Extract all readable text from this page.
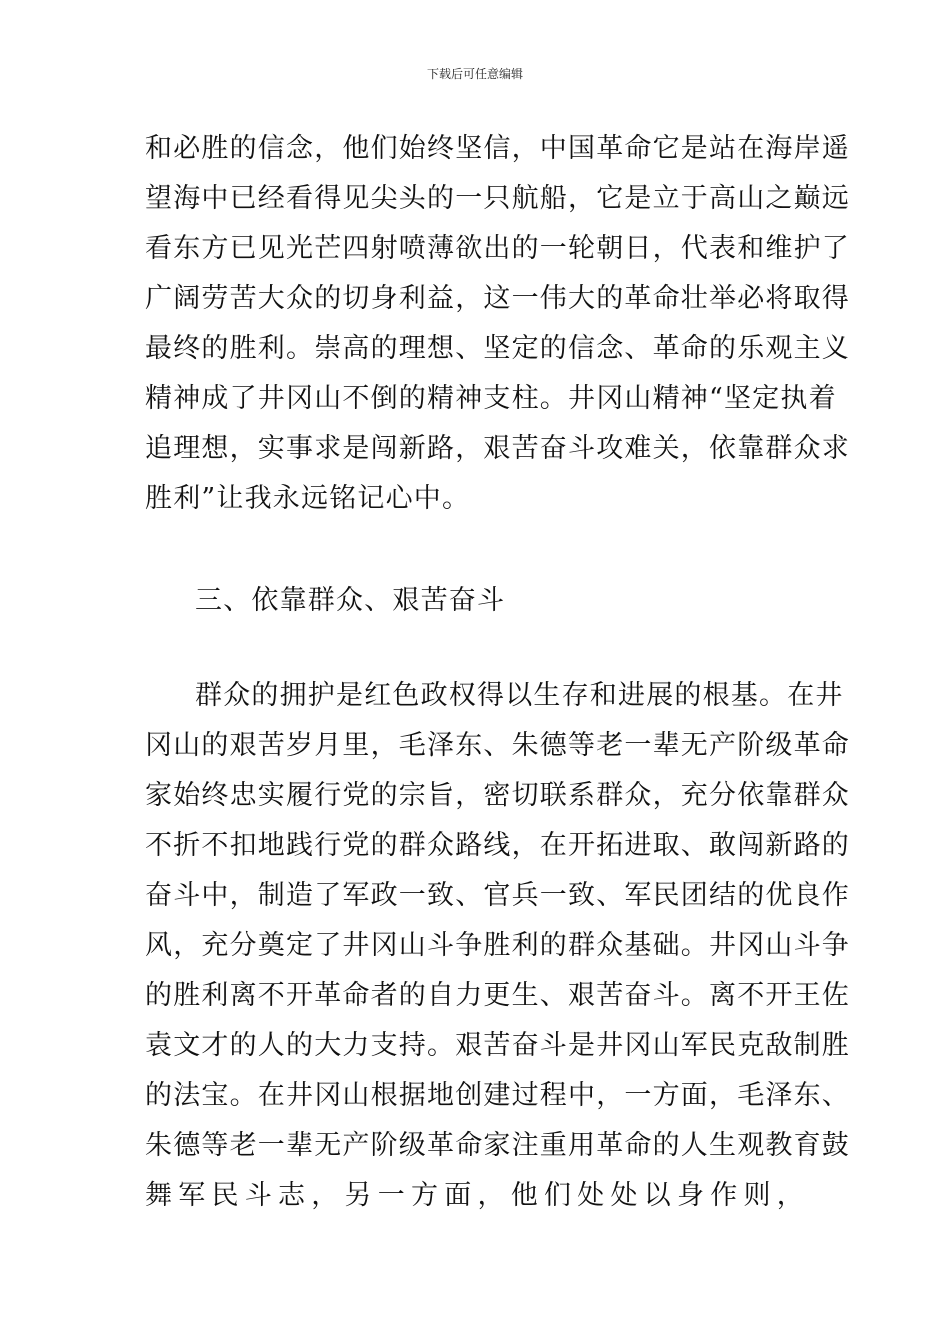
下载后可任意编辑
和必胜的信念，他们始终坚信，中国革命它是站在海岸遥
望海中已经看得见尖头的一只航船，它是立于高山之巅远
看东方已见光芒四射喷薄欲出的一轮朝日，代表和维护了
广阔劳苦大众的切身利益，这一伟大的革命壮举必将取得
最终的胜利。崇高的理想、坚定的信念、革命的乐观主义
精神成了井冈山不倒的精神支柱。井冈山精神“坚定执着
追理想，实事求是闯新路，艰苦奋斗攻难关，依靠群众求
胜利”让我永远铭记心中。
三、依靠群众、艰苦奋斗
群众的拥护是红色政权得以生存和进展的根基。在井
冈山的艰苦岁月里，毛泽东、朱德等老一辈无产阶级革命
家始终忠实履行党的宗旨，密切联系群众，充分依靠群众
不折不扣地践行党的群众路线，在开拓进取、敢闯新路的
奋斗中，制造了军政一致、官兵一致、军民团结的优良作
风，充分奠定了井冈山斗争胜利的群众基础。井冈山斗争
的胜利离不开革命者的自力更生、艰苦奋斗。离不开王佐
袁文才的人的大力支持。艰苦奋斗是井冈山军民克敌制胜
的法宝。在井冈山根据地创建过程中，一方面，毛泽东、
朱德等老一辈无产阶级革命家注重用革命的人生观教育鼓
舞军民斗志，另一方面，他们处处以身作则，
